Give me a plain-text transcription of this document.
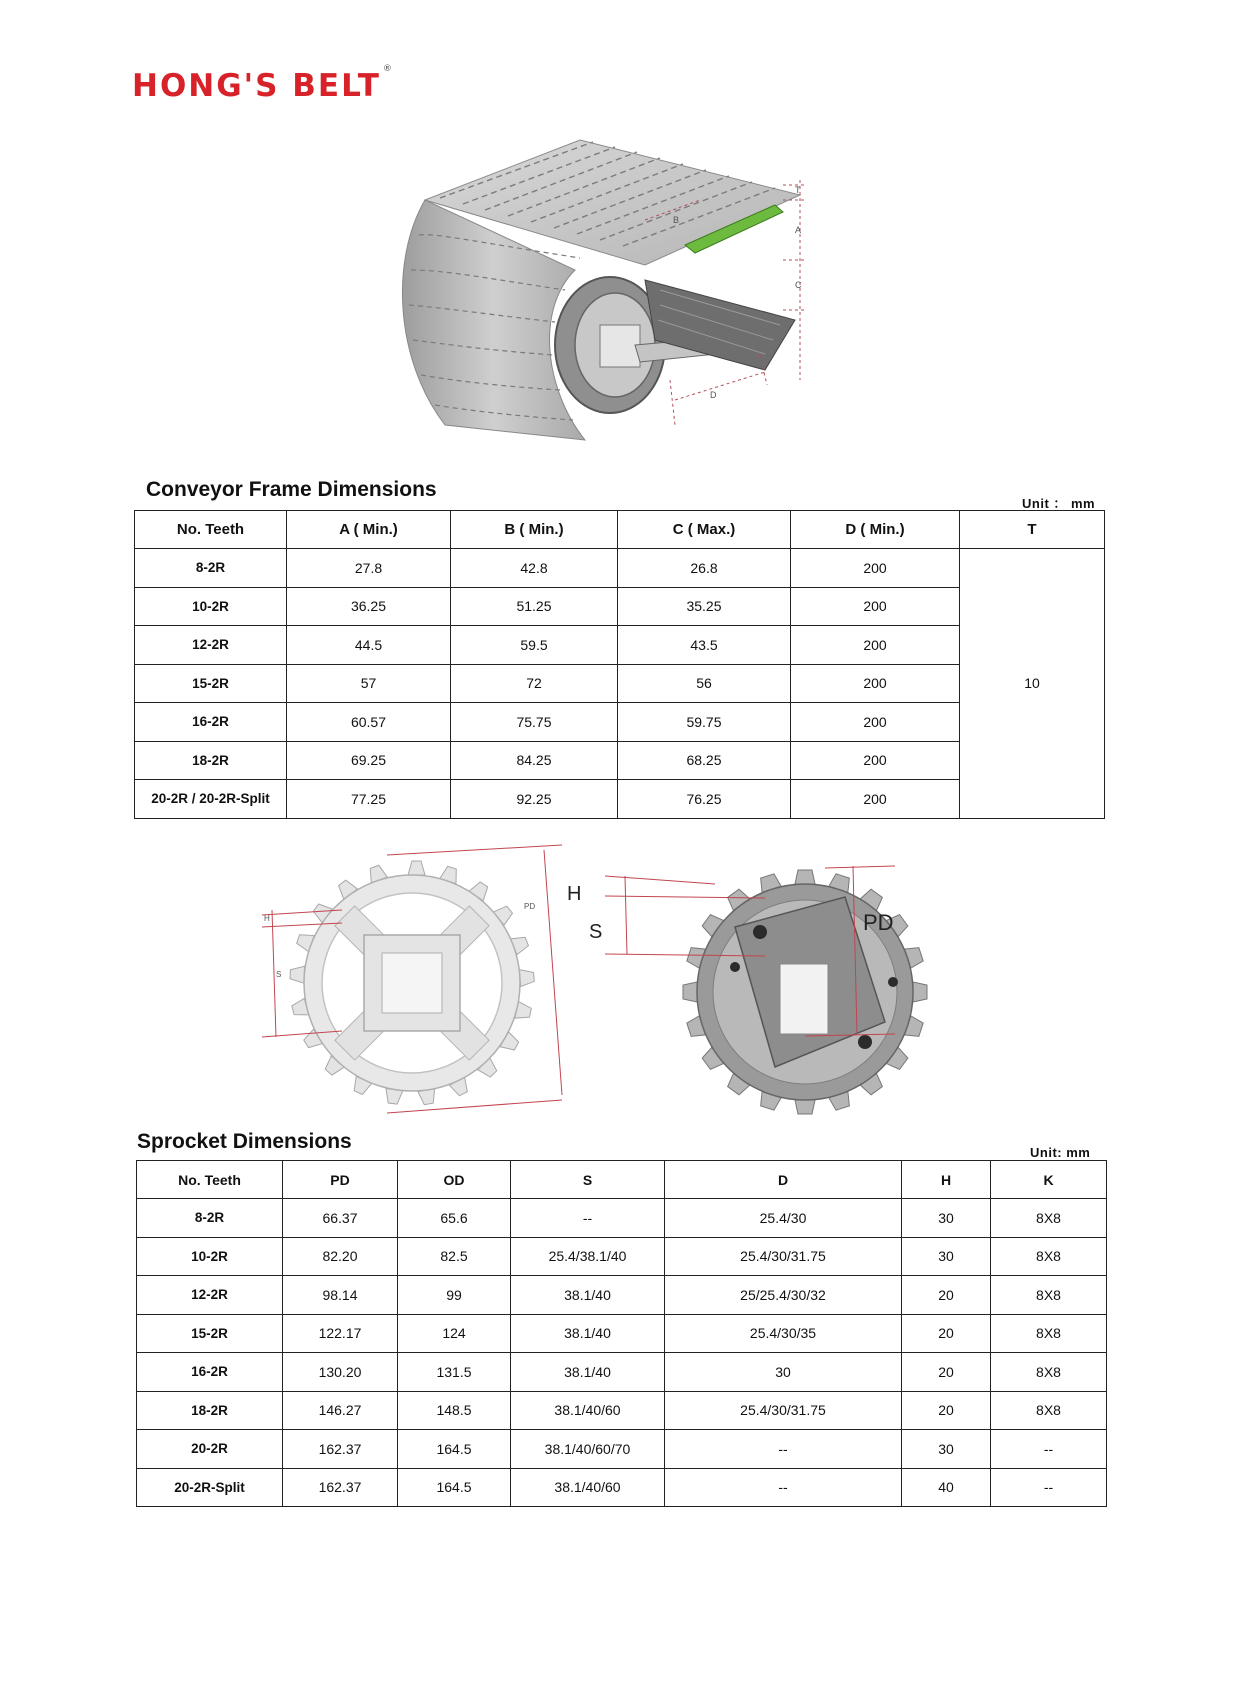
HONG'S BELT ®
T
A
C
B
D
Conveyor Frame Dimensions
Unit ： mm
No. Teeth	A ( Min.)	B ( Min.)	C ( Max.)	D ( Min.)	T
8-2R	27.8	42.8	26.8	200	10
10-2R	36.25	51.25	35.25	200	
12-2R	44.5	59.5	43.5	200	
15-2R	57	72	56	200	
16-2R	60.57	75.75	59.75	200	
18-2R	69.25	84.25	68.25	200	
20-2R / 20-2R-Split	77.25	92.25	76.25	200	
H
S
PD
H
S	PD
Sprocket Dimensions	Unit: mm
No. Teeth	PD	OD	S	D	H	K
8-2R	66.37	65.6	--	25.4/30	30	8X8
10-2R	82.20	82.5	25.4/38.1/40	25.4/30/31.75	30	8X8
12-2R	98.14	99	38.1/40	25/25.4/30/32	20	8X8
15-2R	122.17	124	38.1/40	25.4/30/35	20	8X8
16-2R	130.20	131.5	38.1/40	30	20	8X8
18-2R	146.27	148.5	38.1/40/60	25.4/30/31.75	20	8X8
20-2R	162.37	164.5	38.1/40/60/70	--	30	--
20-2R-Split	162.37	164.5	38.1/40/60	--	40	--
